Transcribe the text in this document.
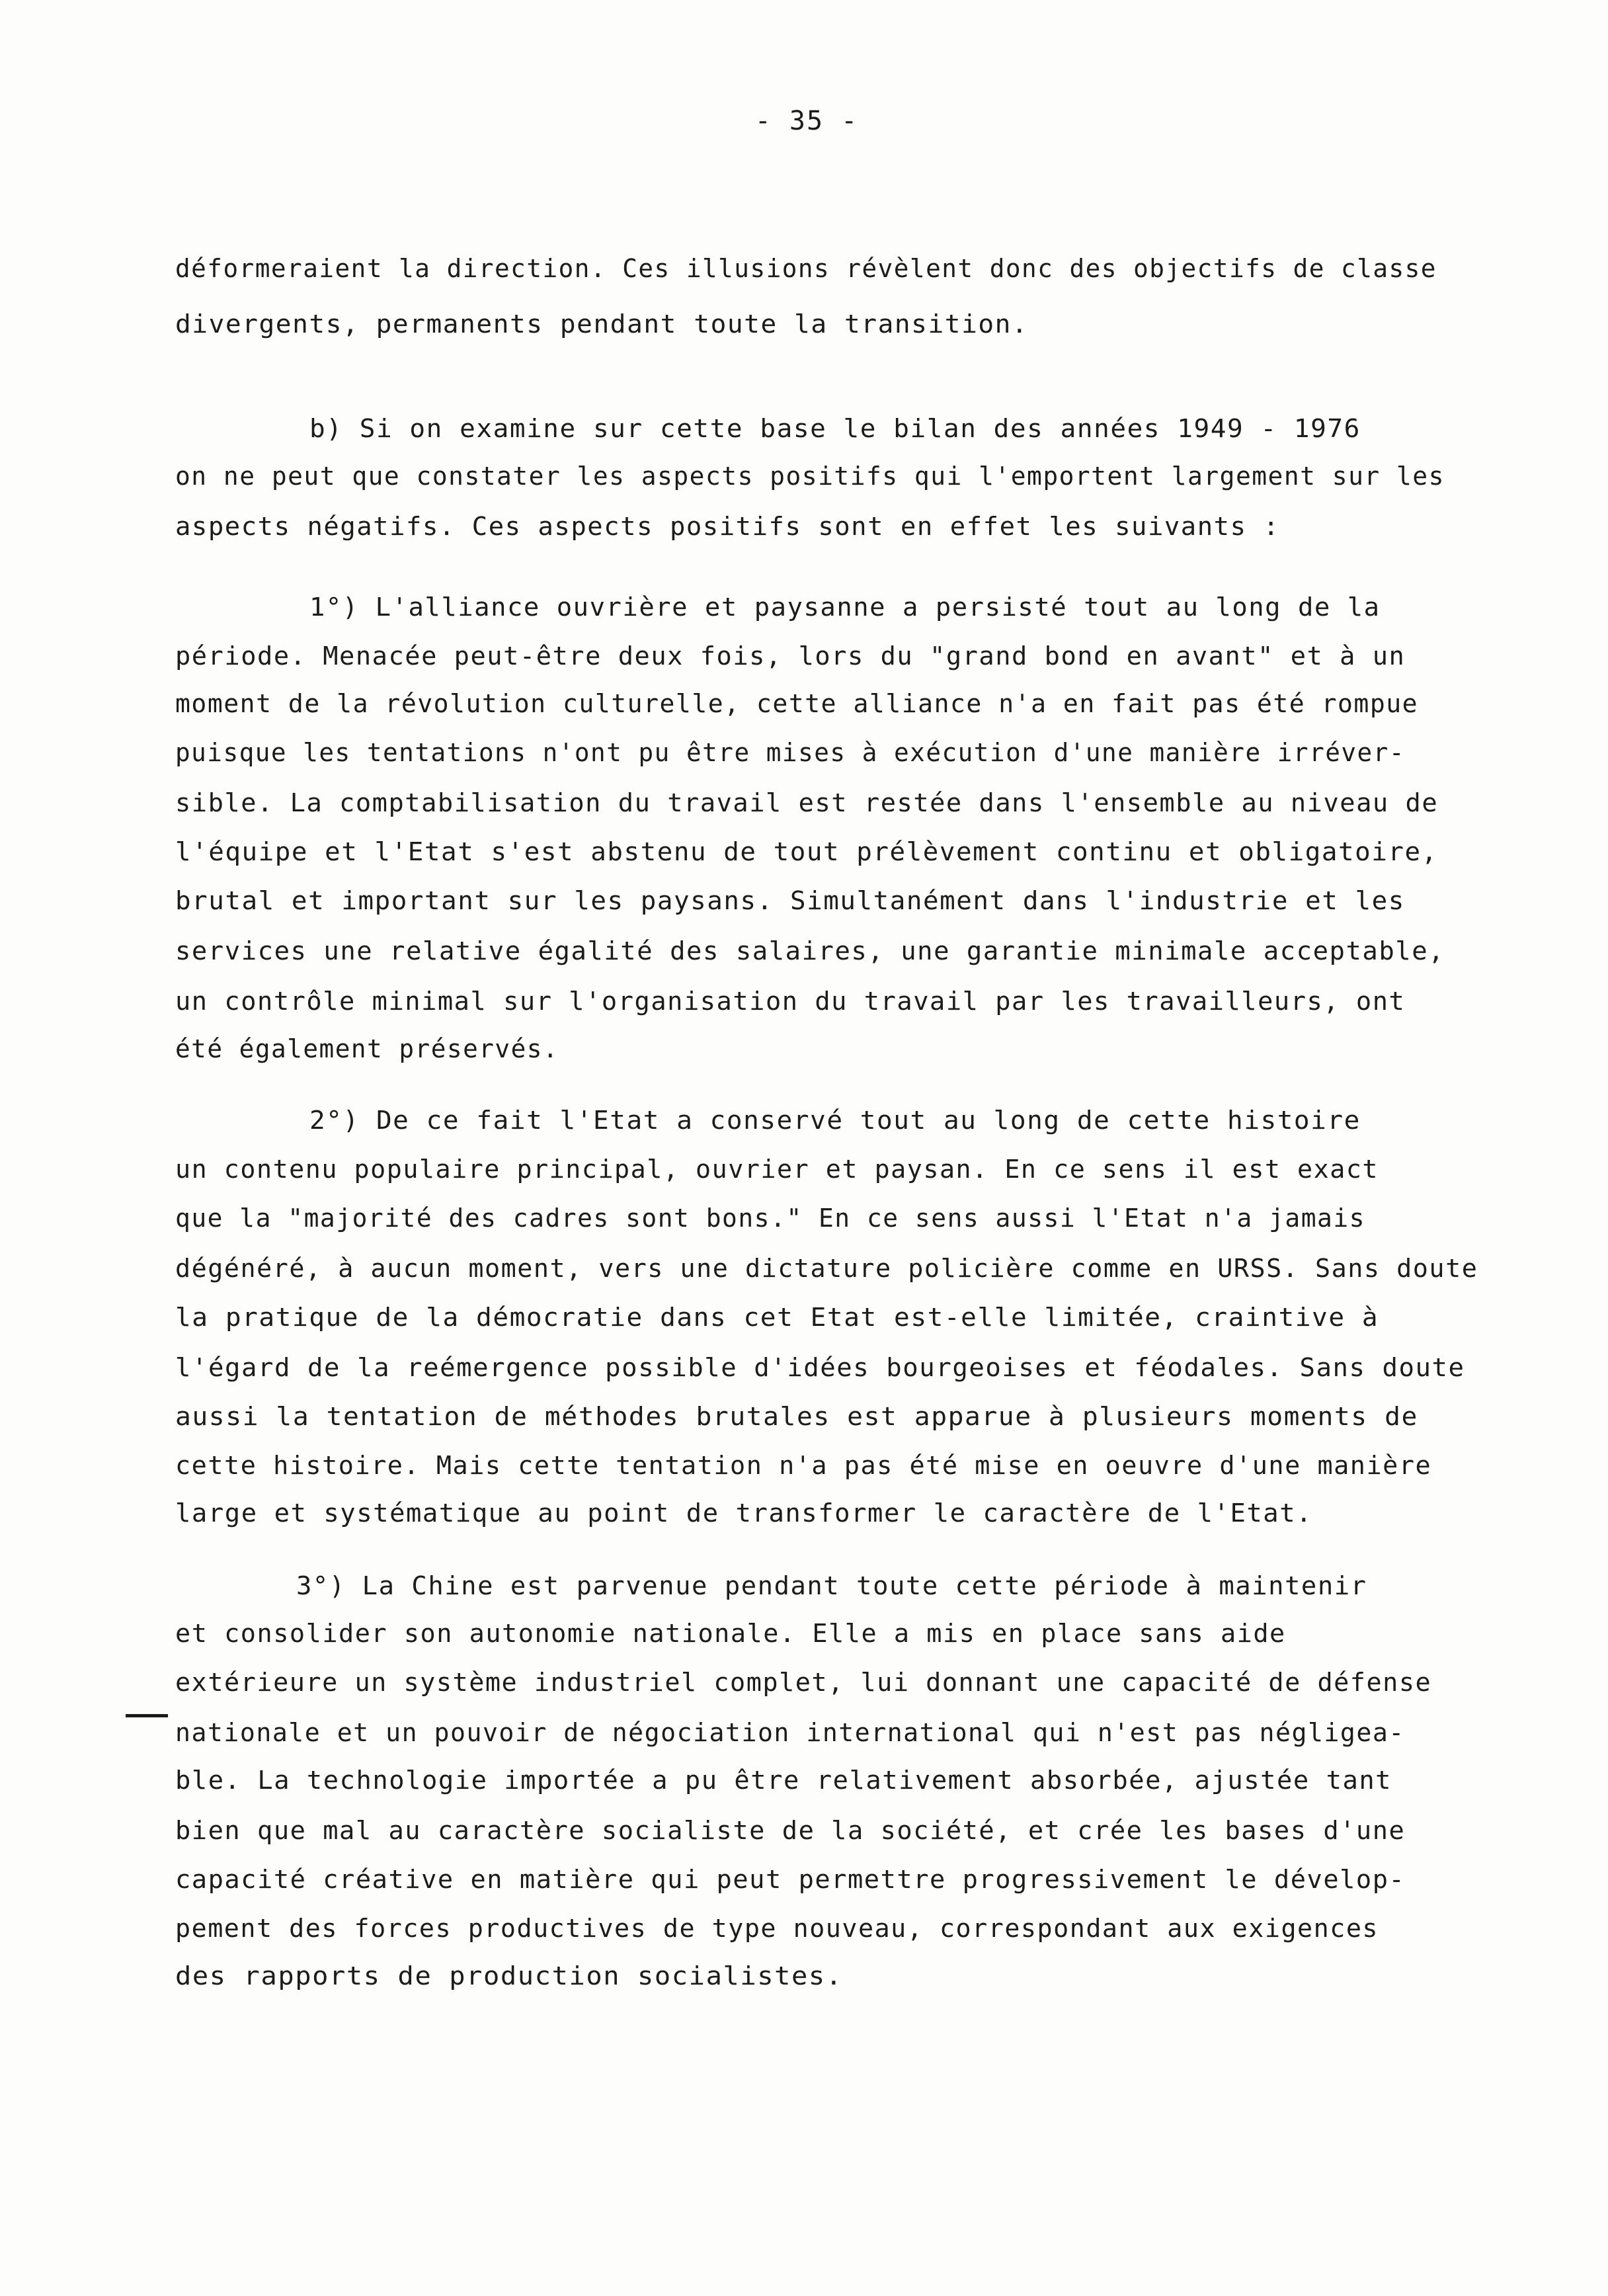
- 35 -
déformeraient la direction. Ces illusions révèlent donc des objectifs de classe
divergents, permanents pendant toute la transition.
b) Si on examine sur cette base le bilan des années 1949 - 1976
on ne peut que constater les aspects positifs qui l'emportent largement sur les
aspects négatifs. Ces aspects positifs sont en effet les suivants :
1°) L'alliance ouvrière et paysanne a persisté tout au long de la
période. Menacée peut-être deux fois, lors du "grand bond en avant" et à un
moment de la révolution culturelle, cette alliance n'a en fait pas été rompue
puisque les tentations n'ont pu être mises à exécution d'une manière irréver-
sible. La comptabilisation du travail est restée dans l'ensemble au niveau de
l'équipe et l'Etat s'est abstenu de tout prélèvement continu et obligatoire,
brutal et important sur les paysans. Simultanément dans l'industrie et les
services une relative égalité des salaires, une garantie minimale acceptable,
un contrôle minimal sur l'organisation du travail par les travailleurs, ont
été également préservés.
2°) De ce fait l'Etat a conservé tout au long de cette histoire
un contenu populaire principal, ouvrier et paysan. En ce sens il est exact
que la "majorité des cadres sont bons." En ce sens aussi l'Etat n'a jamais
dégénéré, à aucun moment, vers une dictature policière comme en URSS. Sans doute
la pratique de la démocratie dans cet Etat est-elle limitée, craintive à
l'égard de la reémergence possible d'idées bourgeoises et féodales. Sans doute
aussi la tentation de méthodes brutales est apparue à plusieurs moments de
cette histoire. Mais cette tentation n'a pas été mise en oeuvre d'une manière
large et systématique au point de transformer le caractère de l'Etat.
3°) La Chine est parvenue pendant toute cette période à maintenir
et consolider son autonomie nationale. Elle a mis en place sans aide
extérieure un système industriel complet, lui donnant une capacité de défense
nationale et un pouvoir de négociation international qui n'est pas négligea-
ble. La technologie importée a pu être relativement absorbée, ajustée tant
bien que mal au caractère socialiste de la société, et crée les bases d'une
capacité créative en matière qui peut permettre progressivement le dévelop-
pement des forces productives de type nouveau, correspondant aux exigences
des rapports de production socialistes.
